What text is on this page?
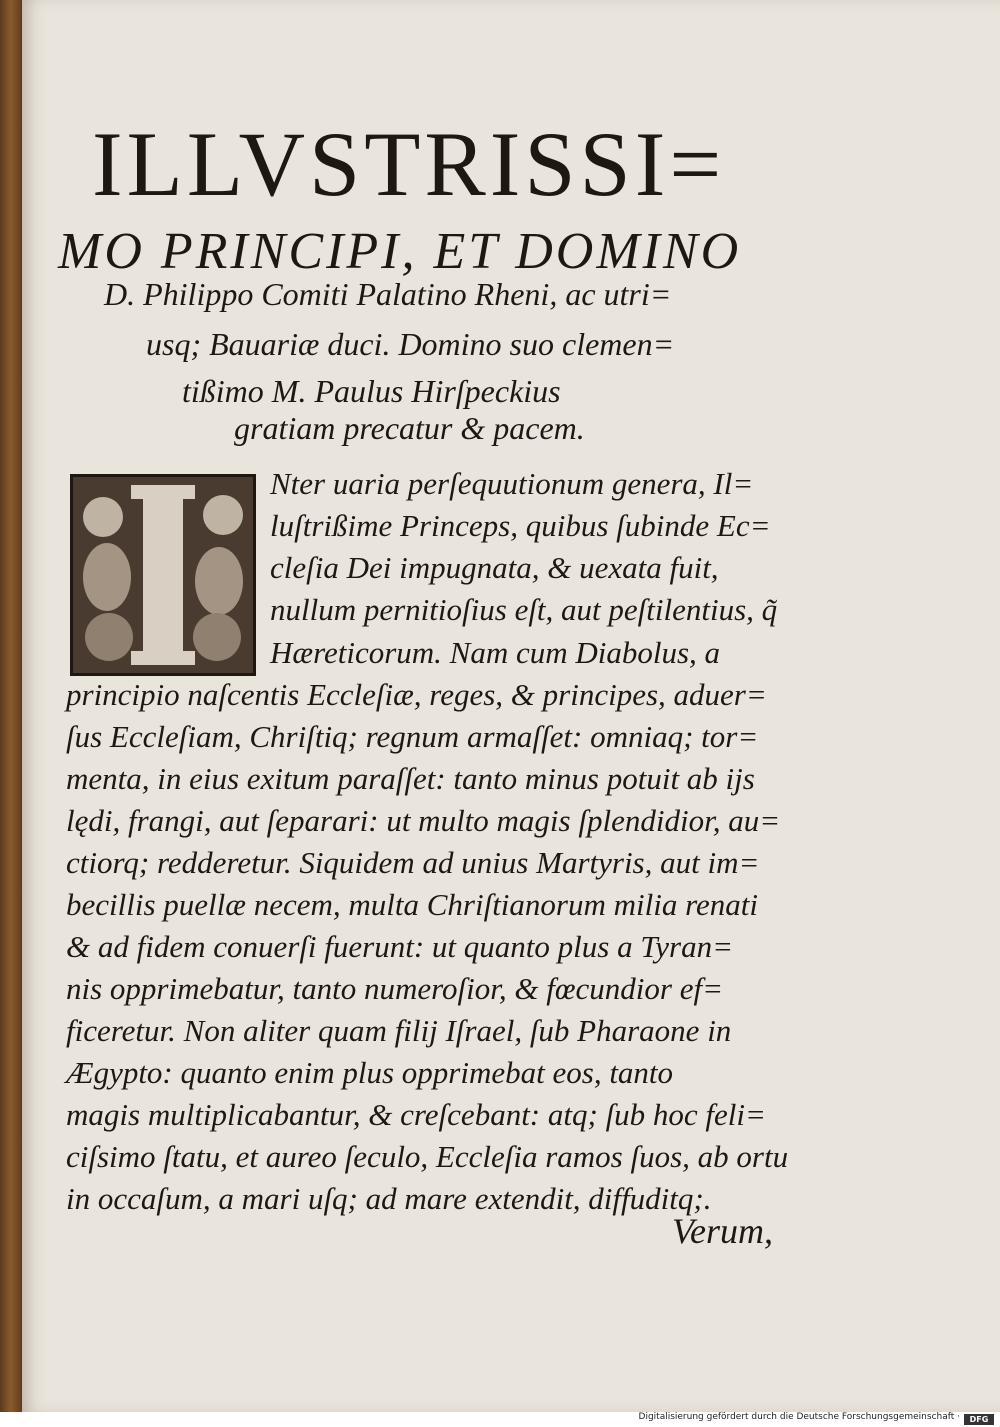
ILLVSTRISSI=
MO PRINCIPI, ET DOMINO
D. Philippo Comiti Palatino Rheni, ac utri=
usq; Bauariæ duci. Domino suo clemen=
tißimo M. Paulus Hirſpeckius
gratiam precatur & pacem.
Nter uaria perſequutionum genera, Il=
luſtrißime Princeps, quibus ſubinde Ec=
cleſia Dei impugnata, & uexata fuit,
nullum pernitioſius eſt, aut peſtilentius, q̃
Hæreticorum. Nam cum Diabolus, a
principio naſcentis Eccleſiæ, reges, & principes, aduer=
ſus Eccleſiam, Chriſtiq; regnum armaſſet: omniaq; tor=
menta, in eius exitum paraſſet: tanto minus potuit ab ijs
lędi, frangi, aut ſeparari: ut multo magis ſplendidior, au=
ctiorq; redderetur. Siquidem ad unius Martyris, aut im=
becillis puellæ necem, multa Chriſtianorum milia renati
& ad fidem conuerſi fuerunt: ut quanto plus a Tyran=
nis opprimebatur, tanto numeroſior, & fœcundior ef=
ficeretur. Non aliter quam filij Iſrael, ſub Pharaone in
Ægypto: quanto enim plus opprimebat eos, tanto
magis multiplicabantur, & creſcebant: atq; ſub hoc feli=
ciſsimo ſtatu, et aureo ſeculo, Eccleſia ramos ſuos, ab ortu
in occaſum, a mari uſq; ad mare extendit, diffuditq;.
Verum,
Digitalisierung gefördert durch die Deutsche Forschungsgemeinschaft ·	DFG
